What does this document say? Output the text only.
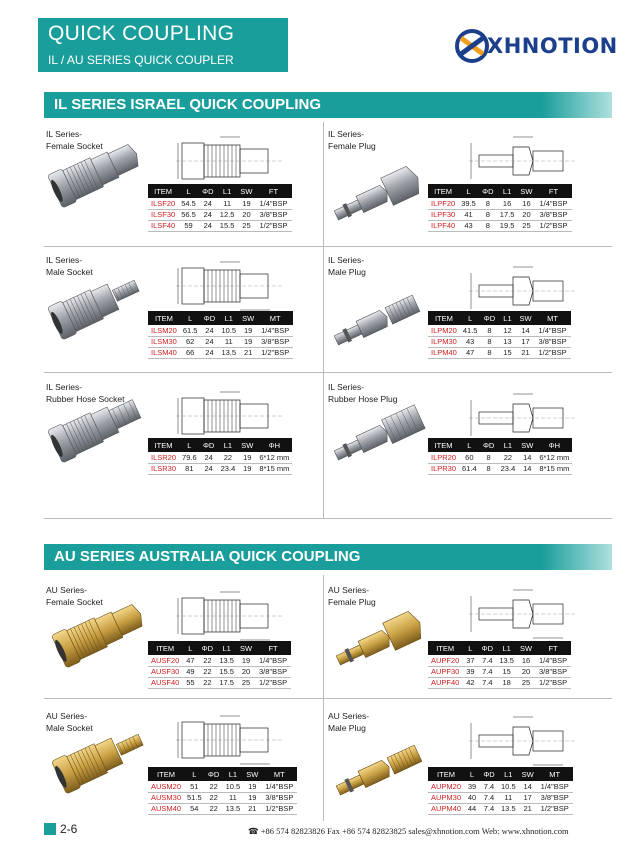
QUICK COUPLING
IL / AU SERIES QUICK COUPLER
XHNOTION
IL SERIES ISRAEL QUICK COUPLING
AU SERIES AUSTRALIA QUICK COUPLING
IL Series-
Female Socket
ITEM	L	ΦD	L1	SW	FT
ILSF20	54.5	24	11	19	1/4"BSP
ILSF30	56.5	24	12.5	20	3/8"BSP
ILSF40	59	24	15.5	25	1/2"BSP
IL Series-
Female Plug
ITEM	L	ΦD	L1	SW	FT
ILPF20	39.5	8	16	16	1/4"BSP
ILPF30	41	8	17.5	20	3/8"BSP
ILPF40	43	8	19.5	25	1/2"BSP
IL Series-
Male Socket
ITEM	L	ΦD	L1	SW	MT
ILSM20	61.5	24	10.5	19	1/4"BSP
ILSM30	62	24	11	19	3/8"BSP
ILSM40	66	24	13.5	21	1/2"BSP
IL Series-
Male Plug
ITEM	L	ΦD	L1	SW	MT
ILPM20	41.5	8	12	14	1/4"BSP
ILPM30	43	8	13	17	3/8"BSP
ILPM40	47	8	15	21	1/2"BSP
IL Series-
Rubber Hose Socket
ITEM	L	ΦD	L1	SW	ΦH
ILSR20	79.6	24	22	19	6*12 mm
ILSR30	81	24	23.4	19	8*15 mm
IL Series-
Rubber Hose Plug
ITEM	L	ΦD	L1	SW	ΦH
ILPR20	60	8	22	14	6*12 mm
ILPR30	61.4	8	23.4	14	8*15 mm
AU Series-
Female Socket
ITEM	L	ΦD	L1	SW	FT
AUSF20	47	22	13.5	19	1/4"BSP
AUSF30	49	22	15.5	20	3/8"BSP
AUSF40	55	22	17.5	25	1/2"BSP
AU Series-
Female Plug
ITEM	L	ΦD	L1	SW	FT
AUPF20	37	7.4	13.5	16	1/4"BSP
AUPF30	39	7.4	15	20	3/8"BSP
AUPF40	42	7.4	18	25	1/2"BSP
AU Series-
Male Socket
ITEM	L	ΦD	L1	SW	MT
AUSM20	51	22	10.5	19	1/4"BSP
AUSM30	51.5	22	11	19	3/8"BSP
AUSM40	54	22	13.5	21	1/2"BSP
AU Series-
Male Plug
ITEM	L	ΦD	L1	SW	MT
AUPM20	39	7.4	10.5	14	1/4"BSP
AUPM30	40	7.4	11	17	3/8"BSP
AUPM40	44	7.4	13.5	21	1/2"BSP
2-6	☎ +86 574 82823826 Fax +86 574 82823825 sales@xhnotion.com Web: www.xhnotion.com
